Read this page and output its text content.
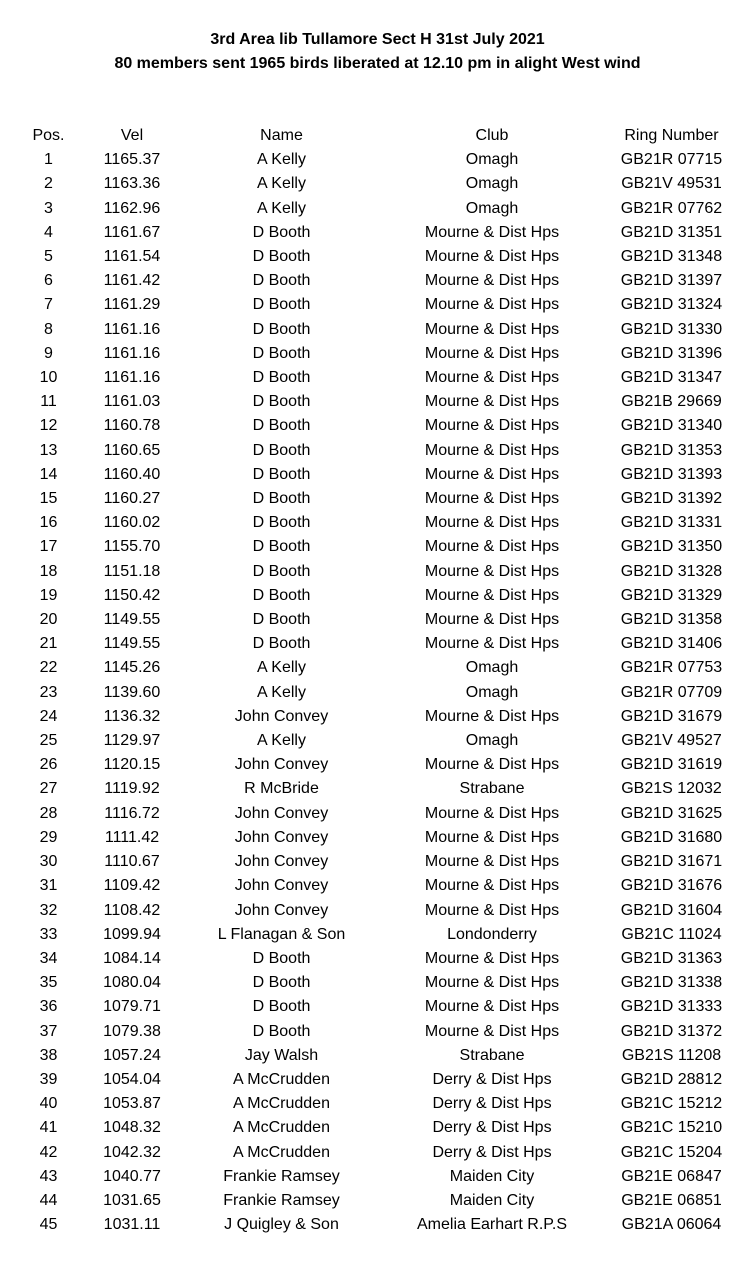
3rd Area lib Tullamore Sect H 31st July 2021
80 members sent 1965 birds liberated at 12.10 pm in alight West wind
Pos.	Vel	Name	Club	Ring Number
1	1165.37	A Kelly	Omagh	GB21R 07715
2	1163.36	A Kelly	Omagh	GB21V 49531
3	1162.96	A Kelly	Omagh	GB21R 07762
4	1161.67	D Booth	Mourne & Dist Hps	GB21D 31351
5	1161.54	D Booth	Mourne & Dist Hps	GB21D 31348
6	1161.42	D Booth	Mourne & Dist Hps	GB21D 31397
7	1161.29	D Booth	Mourne & Dist Hps	GB21D 31324
8	1161.16	D Booth	Mourne & Dist Hps	GB21D 31330
9	1161.16	D Booth	Mourne & Dist Hps	GB21D 31396
10	1161.16	D Booth	Mourne & Dist Hps	GB21D 31347
11	1161.03	D Booth	Mourne & Dist Hps	GB21B 29669
12	1160.78	D Booth	Mourne & Dist Hps	GB21D 31340
13	1160.65	D Booth	Mourne & Dist Hps	GB21D 31353
14	1160.40	D Booth	Mourne & Dist Hps	GB21D 31393
15	1160.27	D Booth	Mourne & Dist Hps	GB21D 31392
16	1160.02	D Booth	Mourne & Dist Hps	GB21D 31331
17	1155.70	D Booth	Mourne & Dist Hps	GB21D 31350
18	1151.18	D Booth	Mourne & Dist Hps	GB21D 31328
19	1150.42	D Booth	Mourne & Dist Hps	GB21D 31329
20	1149.55	D Booth	Mourne & Dist Hps	GB21D 31358
21	1149.55	D Booth	Mourne & Dist Hps	GB21D 31406
22	1145.26	A Kelly	Omagh	GB21R 07753
23	1139.60	A Kelly	Omagh	GB21R 07709
24	1136.32	John Convey	Mourne & Dist Hps	GB21D 31679
25	1129.97	A Kelly	Omagh	GB21V 49527
26	1120.15	John Convey	Mourne & Dist Hps	GB21D 31619
27	1119.92	R McBride	Strabane	GB21S 12032
28	1116.72	John Convey	Mourne & Dist Hps	GB21D 31625
29	1111.42	John Convey	Mourne & Dist Hps	GB21D 31680
30	1110.67	John Convey	Mourne & Dist Hps	GB21D 31671
31	1109.42	John Convey	Mourne & Dist Hps	GB21D 31676
32	1108.42	John Convey	Mourne & Dist Hps	GB21D 31604
33	1099.94	L Flanagan & Son	Londonderry	GB21C 11024
34	1084.14	D Booth	Mourne & Dist Hps	GB21D 31363
35	1080.04	D Booth	Mourne & Dist Hps	GB21D 31338
36	1079.71	D Booth	Mourne & Dist Hps	GB21D 31333
37	1079.38	D Booth	Mourne & Dist Hps	GB21D 31372
38	1057.24	Jay Walsh	Strabane	GB21S 11208
39	1054.04	A McCrudden	Derry & Dist Hps	GB21D 28812
40	1053.87	A McCrudden	Derry & Dist Hps	GB21C 15212
41	1048.32	A McCrudden	Derry & Dist Hps	GB21C 15210
42	1042.32	A McCrudden	Derry & Dist Hps	GB21C 15204
43	1040.77	Frankie Ramsey	Maiden City	GB21E 06847
44	1031.65	Frankie Ramsey	Maiden City	GB21E 06851
45	1031.11	J Quigley & Son	Amelia Earhart R.P.S	GB21A 06064
